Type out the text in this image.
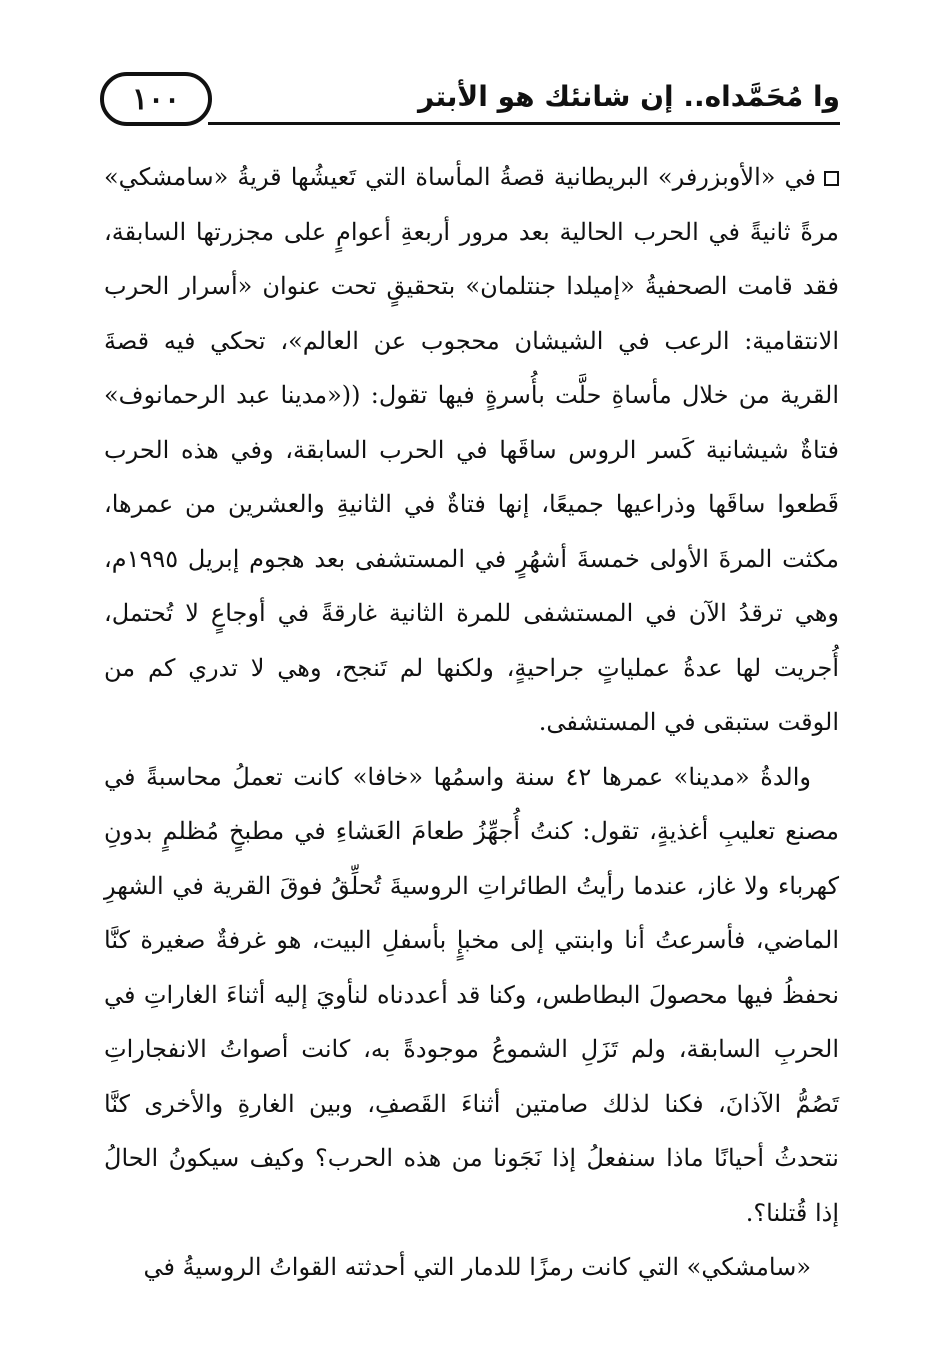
١٠٠	وا مُحَمَّداه.. إن شانئك هو الأبتر

في «الأوبزرفر» البريطانية قصةُ المأساة التي تَعيشُها قريةُ «سامشكي» مرةً ثانيةً في الحرب الحالية بعد مرور أربعةِ أعوامٍ على مجزرتها السابقة، فقد قامت الصحفيةُ «إميلدا جنتلمان» بتحقيقٍ تحت عنوان «أسرار الحرب الانتقامية: الرعب في الشيشان محجوب عن العالم»، تحكي فيه قصةَ القرية من خلال مأساةِ حلَّت بأُسرةٍ فيها تقول: ((«مدينا عبد الرحمانوف» فتاةٌ شيشانية كَسر الروس ساقَها في الحرب السابقة، وفي هذه الحرب قَطعوا ساقَها وذراعيها جميعًا، إنها فتاةٌ في الثانيةِ والعشرين من عمرها، مكثت المرةَ الأولى خمسةَ أشهُرٍ في المستشفى بعد هجوم إبريل ١٩٩٥م، وهي ترقدُ الآن في المستشفى للمرة الثانية غارقةً في أوجاعٍ لا تُحتمل، أُجريت لها عدةُ عملياتٍ جراحيةٍ، ولكنها لم تَنجح، وهي لا تدري كم من الوقت ستبقى في المستشفى.

والدةُ «مدينا» عمرها ٤٢ سنة واسمُها «خافا» كانت تعملُ محاسبةً في مصنع تعليبِ أغذيةٍ، تقول: كنتُ أُجهِّزُ طعامَ العَشاءِ في مطبخٍ مُظلمٍ بدونِ كهرباء ولا غاز، عندما رأيتُ الطائراتِ الروسيةَ تُحلِّقُ فوقَ القرية في الشهرِ الماضي، فأسرعتُ أنا وابنتي إلى مخبإٍ بأسفلِ البيت، هو غرفةٌ صغيرة كنَّا نحفظُ فيها محصولَ البطاطس، وكنا قد أعددناه لنأويَ إليه أثناءَ الغاراتِ في الحربِ السابقة، ولم تَزَلِ الشموعُ موجودةً به، كانت أصواتُ الانفجاراتِ تَصُمُّ الآذانَ، فكنا لذلك صامتين أثناءَ القَصفِ، وبين الغارةِ والأخرى كنَّا نتحدثُ أحيانًا ماذا سنفعلُ إذا نَجَونا من هذه الحرب؟ وكيف سيكونُ الحالُ إذا قُتلنا؟.

«سامشكي» التي كانت رمزًا للدمار التي أحدثته القواتُ الروسيةُ في
